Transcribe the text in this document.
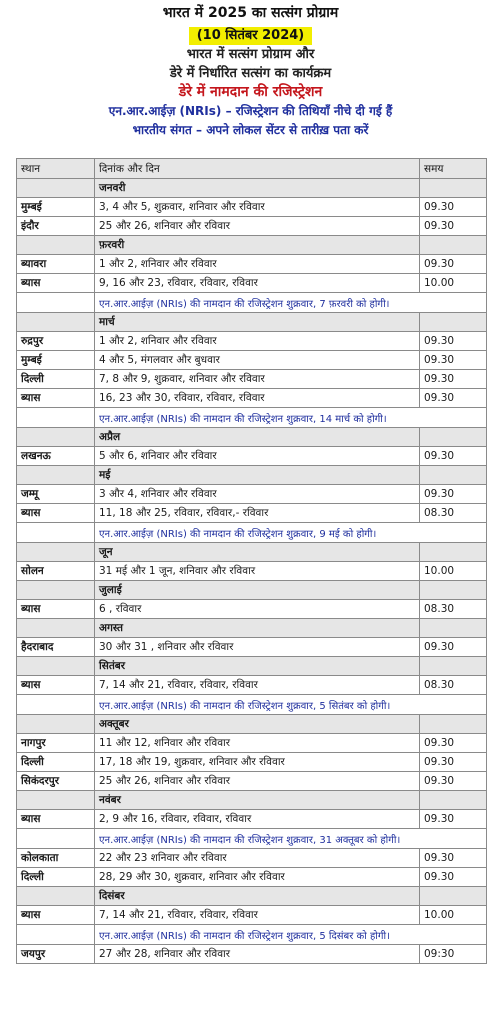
भारत में 2025 का सत्संग प्रोग्राम
(10 सितंबर 2024)
भारत में सत्संग प्रोग्राम और
डेरे में निर्धारित सत्संग का कार्यक्रम
डेरे में नामदान की रजिस्ट्रेशन
एन.आर.आईज़ (NRIs) – रजिस्ट्रेशन की तिथियाँ नीचे दी गई हैं
भारतीय संगत – अपने लोकल सेंटर से तारीख़ पता करें
स्थान	दिनांक और दिन	समय
	जनवरी	
मुम्बई	3, 4 और 5, शुक्रवार, शनिवार और रविवार	09.30
इंदौर	25 और 26, शनिवार और रविवार	09.30
	फ़रवरी	
ब्यावरा	1 और 2, शनिवार और रविवार	09.30
ब्यास	9, 16 और 23, रविवार, रविवार, रविवार	10.00
	एन.आर.आईज़ (NRIs) की नामदान की रजिस्ट्रेशन शुक्रवार, 7 फ़रवरी को होगी।	
	मार्च	
रुद्रपुर	1 और 2, शनिवार और रविवार	09.30
मुम्बई	4 और 5, मंगलवार और बुधवार	09.30
दिल्ली	7, 8 और 9, शुक्रवार, शनिवार और रविवार	09.30
ब्यास	16, 23 और 30, रविवार, रविवार, रविवार	09.30
	एन.आर.आईज़ (NRIs) की नामदान की रजिस्ट्रेशन शुक्रवार, 14 मार्च को होगी।	
	अप्रैल	
लखनऊ	5 और 6, शनिवार और रविवार	09.30
	मई	
जम्मू	3 और 4, शनिवार और रविवार	09.30
ब्यास	11, 18 और 25, रविवार, रविवार,- रविवार	08.30
	एन.आर.आईज़ (NRIs) की नामदान की रजिस्ट्रेशन शुक्रवार, 9 मई को होगी।	
	जून	
सोलन	31 मई और 1 जून, शनिवार और रविवार	10.00
	जुलाई	
ब्यास	6 , रविवार	08.30
	अगस्त	
हैदराबाद	30 और 31 , शनिवार और रविवार	09.30
	सितंबर	
ब्यास	7, 14 और 21, रविवार, रविवार, रविवार	08.30
	एन.आर.आईज़ (NRIs) की नामदान की रजिस्ट्रेशन शुक्रवार, 5 सितंबर को होगी।	
	अक्तूबर	
नागपुर	11 और 12, शनिवार और रविवार	09.30
दिल्ली	17, 18 और 19, शुक्रवार, शनिवार और रविवार	09.30
सिकंदरपुर	25 और 26, शनिवार और रविवार	09.30
	नवंबर	
ब्यास	2, 9 और 16, रविवार, रविवार, रविवार	09.30
	एन.आर.आईज़ (NRIs) की नामदान की रजिस्ट्रेशन शुक्रवार, 31 अक्तूबर को होगी।	
कोलकाता	22 और 23 शनिवार और रविवार	09.30
दिल्ली	28, 29 और 30, शुक्रवार, शनिवार और रविवार	09.30
	दिसंबर	
ब्यास	7, 14 और 21, रविवार, रविवार, रविवार	10.00
	एन.आर.आईज़ (NRIs) की नामदान की रजिस्ट्रेशन शुक्रवार, 5 दिसंबर को होगी।	
जयपुर	27 और 28, शनिवार और रविवार	09:30
